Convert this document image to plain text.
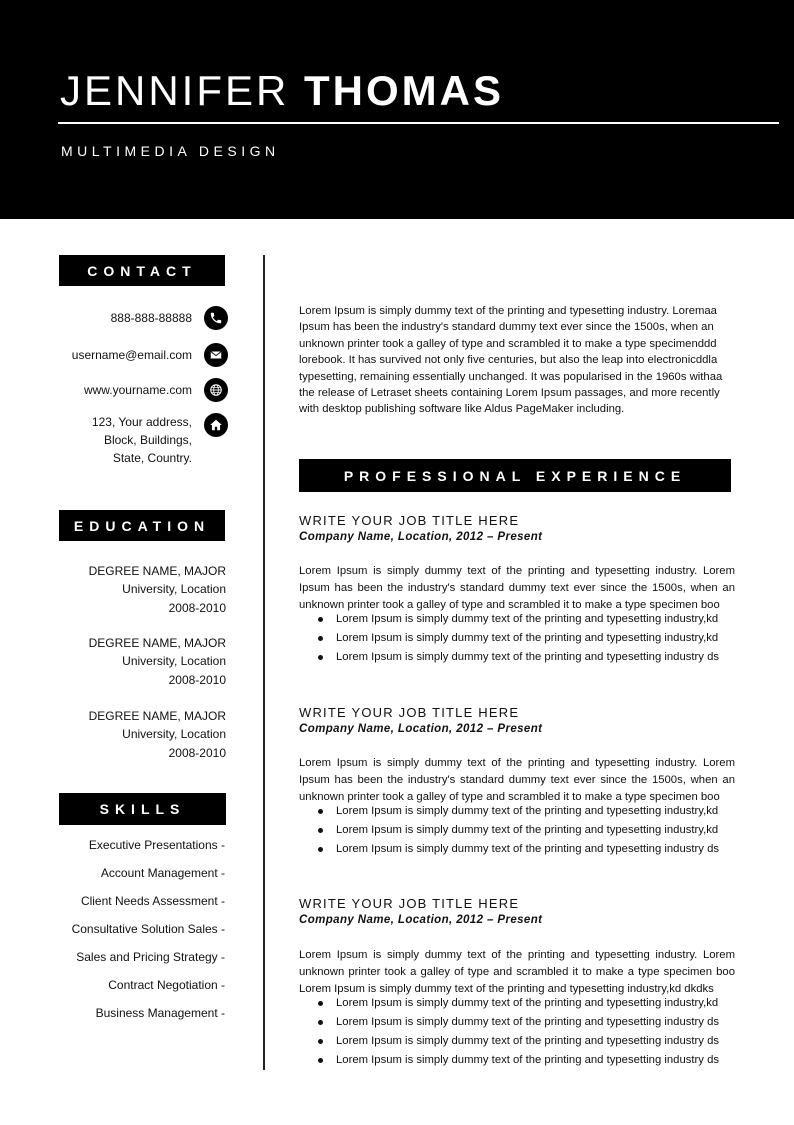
JENNIFER THOMAS
MULTIMEDIA DESIGN
CONTACT
888-888-88888
username@email.com
www.yourname.com
123, Your address,
Block, Buildings,
State, Country.
EDUCATION
DEGREE NAME, MAJOR
University, Location
2008-2010
DEGREE NAME, MAJOR
University, Location
2008-2010
DEGREE NAME, MAJOR
University, Location
2008-2010
SKILLS
Executive Presentations -
Account Management -
Client Needs Assessment -
Consultative Solution Sales -
Sales and Pricing Strategy -
Contract Negotiation -
Business Management -
Lorem Ipsum is simply dummy text of the printing and typesetting industry. Loremaa Ipsum has been the industry's standard dummy text ever since the 1500s, when an unknown printer took a galley of type and scrambled it to make a type specimenddd lorebook. It has survived not only five centuries, but also the leap into electronicddla typesetting, remaining essentially unchanged. It was popularised in the 1960s withaa the release of Letraset sheets containing Lorem Ipsum passages, and more recently with desktop publishing software like Aldus PageMaker including.
PROFESSIONAL EXPERIENCE
WRITE YOUR JOB TITLE HERE
Company Name, Location, 2012 – Present
Lorem Ipsum is simply dummy text of the printing and typesetting industry. Lorem Ipsum has been the industry's standard dummy text ever since the 1500s, when an unknown printer took a galley of type and scrambled it to make a type specimen boo
Lorem Ipsum is simply dummy text of the printing and typesetting industry,kd
Lorem Ipsum is simply dummy text of the printing and typesetting industry,kd
Lorem Ipsum is simply dummy text of the printing and typesetting industry ds
WRITE YOUR JOB TITLE HERE
Company Name, Location, 2012 – Present
Lorem Ipsum is simply dummy text of the printing and typesetting industry. Lorem Ipsum has been the industry's standard dummy text ever since the 1500s, when an unknown printer took a galley of type and scrambled it to make a type specimen boo
Lorem Ipsum is simply dummy text of the printing and typesetting industry,kd
Lorem Ipsum is simply dummy text of the printing and typesetting industry,kd
Lorem Ipsum is simply dummy text of the printing and typesetting industry ds
WRITE YOUR JOB TITLE HERE
Company Name, Location, 2012 – Present
Lorem Ipsum is simply dummy text of the printing and typesetting industry. Lorem unknown printer took a galley of type and scrambled it to make a type specimen boo Lorem Ipsum is simply dummy text of the printing and typesetting industry,kd dkdks
Lorem Ipsum is simply dummy text of the printing and typesetting industry,kd
Lorem Ipsum is simply dummy text of the printing and typesetting industry ds
Lorem Ipsum is simply dummy text of the printing and typesetting industry ds
Lorem Ipsum is simply dummy text of the printing and typesetting industry ds
